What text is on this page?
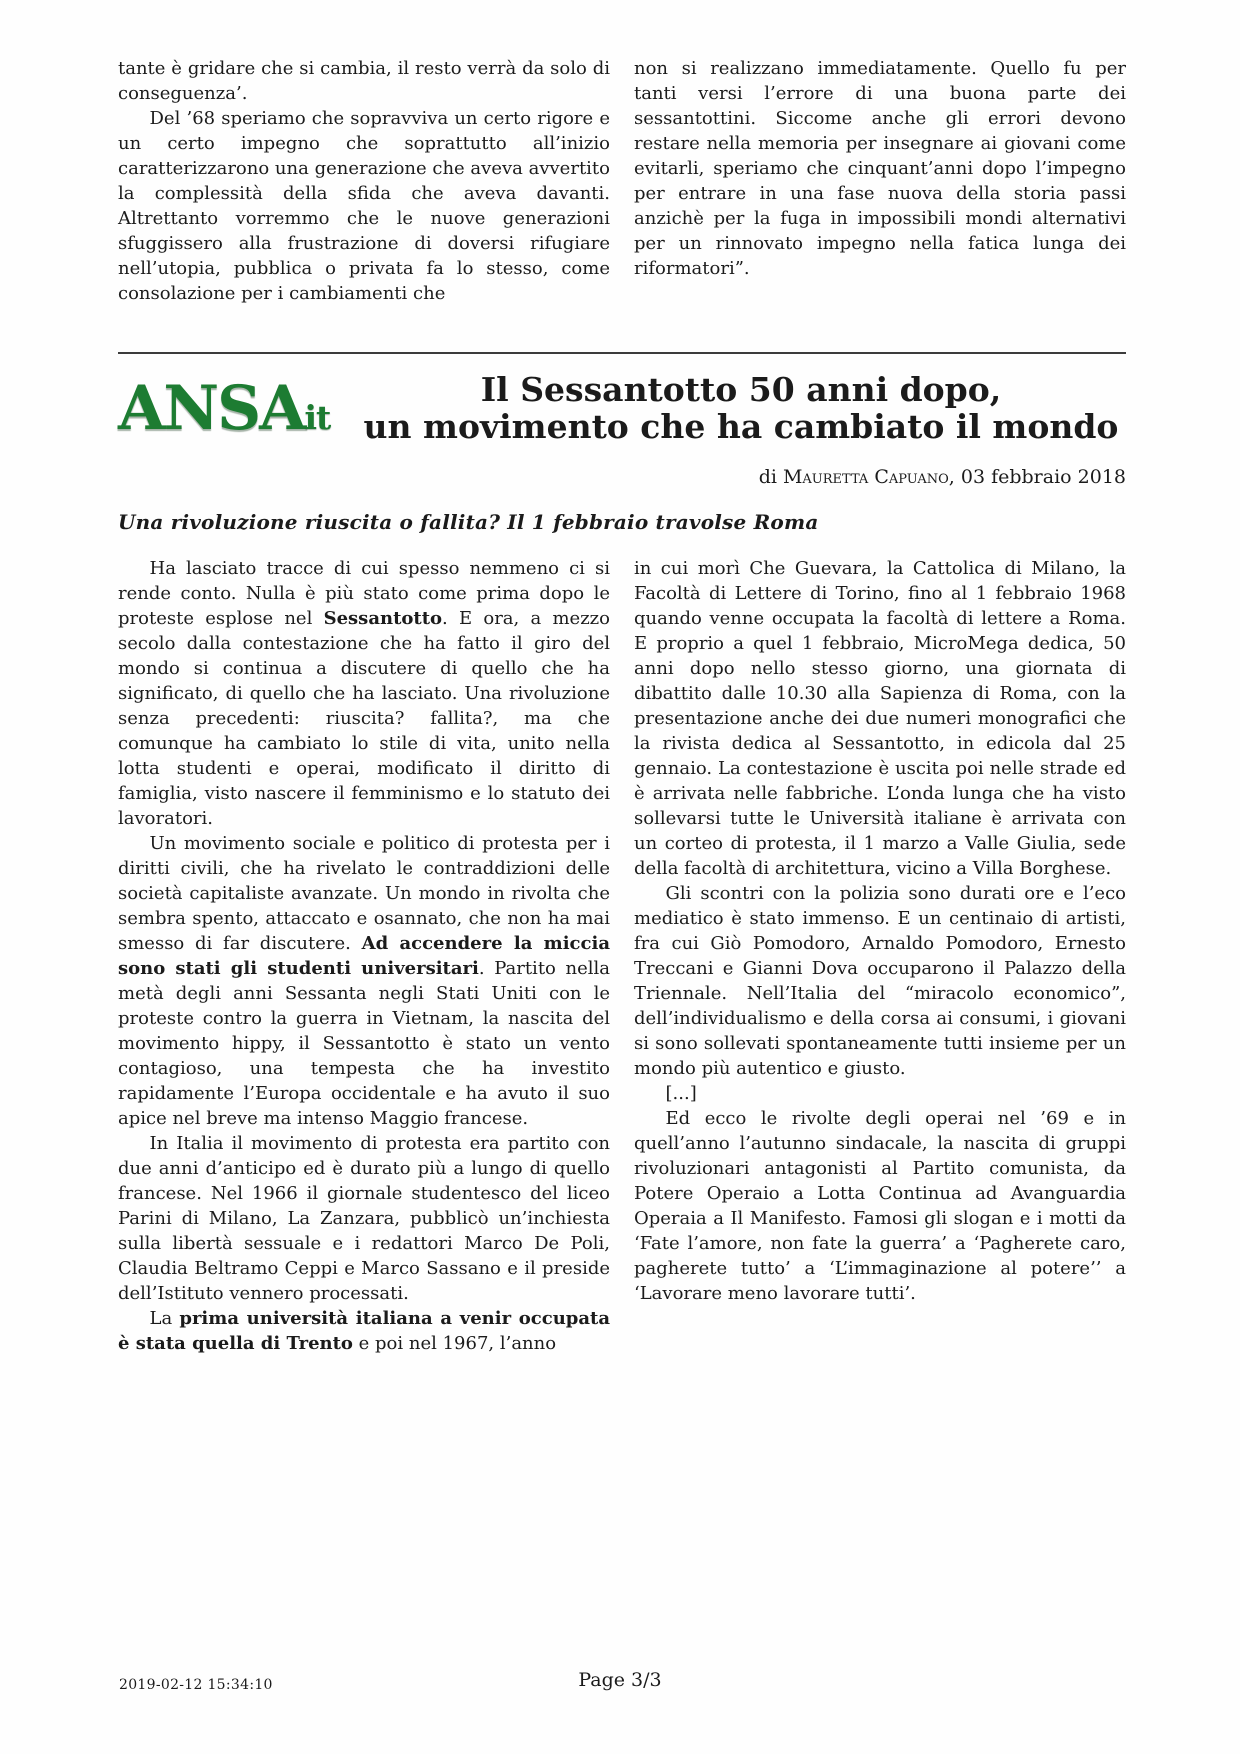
tante è gridare che si cambia, il resto verrà da solo di conseguenza’.

Del ’68 speriamo che sopravviva un certo rigore e un certo impegno che soprattutto all’inizio caratterizzarono una generazione che aveva avvertito la complessità della sfida che aveva davanti. Altrettanto vorremmo che le nuove generazioni sfuggissero alla frustrazione di doversi rifugiare nell’utopia, pubblica o privata fa lo stesso, come consolazione per i cambiamenti che

non si realizzano immediatamente. Quello fu per tanti versi l’errore di una buona parte dei sessantottini. Siccome anche gli errori devono restare nella memoria per insegnare ai giovani come evitarli, speriamo che cinquant’anni dopo l’impegno per entrare in una fase nuova della storia passi anzichè per la fuga in impossibili mondi alternativi per un rinnovato impegno nella fatica lunga dei riformatori”.

ANSAit
Il Sessantotto 50 anni dopo,
un movimento che ha cambiato il mondo
di Mauretta Capuano, 03 febbraio 2018
Una rivoluzione riuscita o fallita? Il 1 febbraio travolse Roma

Ha lasciato tracce di cui spesso nemmeno ci si rende conto. Nulla è più stato come prima dopo le proteste esplose nel Sessantotto. E ora, a mezzo secolo dalla contestazione che ha fatto il giro del mondo si continua a discutere di quello che ha significato, di quello che ha lasciato. Una rivoluzione senza precedenti: riuscita? fallita?, ma che comunque ha cambiato lo stile di vita, unito nella lotta studenti e operai, modificato il diritto di famiglia, visto nascere il femminismo e lo statuto dei lavoratori.

Un movimento sociale e politico di protesta per i diritti civili, che ha rivelato le contraddizioni delle società capitaliste avanzate. Un mondo in rivolta che sembra spento, attaccato e osannato, che non ha mai smesso di far discutere. Ad accendere la miccia sono stati gli studenti universitari. Partito nella metà degli anni Sessanta negli Stati Uniti con le proteste contro la guerra in Vietnam, la nascita del movimento hippy, il Sessantotto è stato un vento contagioso, una tempesta che ha investito rapidamente l’Europa occidentale e ha avuto il suo apice nel breve ma intenso Maggio francese.

In Italia il movimento di protesta era partito con due anni d’anticipo ed è durato più a lungo di quello francese. Nel 1966 il giornale studentesco del liceo Parini di Milano, La Zanzara, pubblicò un’inchiesta sulla libertà sessuale e i redattori Marco De Poli, Claudia Beltramo Ceppi e Marco Sassano e il preside dell’Istituto vennero processati.

La prima università italiana a venir occupata è stata quella di Trento e poi nel 1967, l’anno

in cui morì Che Guevara, la Cattolica di Milano, la Facoltà di Lettere di Torino, fino al 1 febbraio 1968 quando venne occupata la facoltà di lettere a Roma. E proprio a quel 1 febbraio, MicroMega dedica, 50 anni dopo nello stesso giorno, una giornata di dibattito dalle 10.30 alla Sapienza di Roma, con la presentazione anche dei due numeri monografici che la rivista dedica al Sessantotto, in edicola dal 25 gennaio. La contestazione è uscita poi nelle strade ed è arrivata nelle fabbriche. L’onda lunga che ha visto sollevarsi tutte le Università italiane è arrivata con un corteo di protesta, il 1 marzo a Valle Giulia, sede della facoltà di architettura, vicino a Villa Borghese.

Gli scontri con la polizia sono durati ore e l’eco mediatico è stato immenso. E un centinaio di artisti, fra cui Giò Pomodoro, Arnaldo Pomodoro, Ernesto Treccani e Gianni Dova occuparono il Palazzo della Triennale. Nell’Italia del “miracolo economico”, dell’individualismo e della corsa ai consumi, i giovani si sono sollevati spontaneamente tutti insieme per un mondo più autentico e giusto.

[...]

Ed ecco le rivolte degli operai nel ’69 e in quell’anno l’autunno sindacale, la nascita di gruppi rivoluzionari antagonisti al Partito comunista, da Potere Operaio a Lotta Continua ad Avanguardia Operaia a Il Manifesto. Famosi gli slogan e i motti da ‘Fate l’amore, non fate la guerra’ a ‘Pagherete caro, pagherete tutto’ a ‘L’immaginazione al potere’’ a ‘Lavorare meno lavorare tutti’.

2019-02-12 15:34:10	Page 3/3
